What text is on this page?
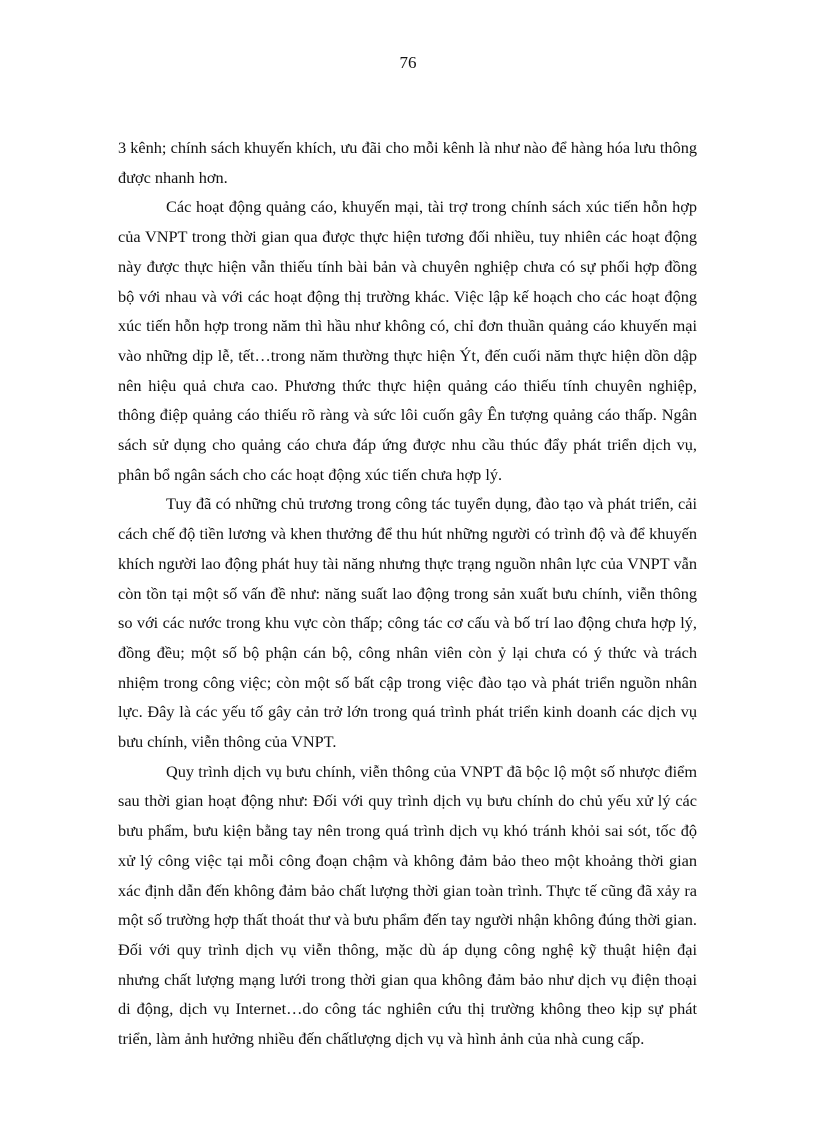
76

3 kênh; chính sách khuyến khích, ưu đãi cho mỗi kênh là như nào để hàng hóa lưu thông được nhanh hơn.

Các hoạt động quảng cáo, khuyến mại, tài trợ trong chính sách xúc tiến hỗn hợp của VNPT trong thời gian qua được thực hiện tương đối nhiều, tuy nhiên các hoạt động này được thực hiện vẫn thiếu tính bài bản và chuyên nghiệp chưa có sự phối hợp đồng bộ với nhau và với các hoạt động thị trường khác. Việc lập kế hoạch cho các hoạt động xúc tiến hỗn hợp trong năm thì hầu như không có, chỉ đơn thuần quảng cáo khuyến mại vào những dịp lễ, tết…trong năm thường thực hiện Ýt, đến cuối năm thực hiện dồn dập nên hiệu quả chưa cao. Phương thức thực hiện quảng cáo thiếu tính chuyên nghiệp, thông điệp quảng cáo thiếu rõ ràng và sức lôi cuốn gây Ên tượng quảng cáo thấp. Ngân sách sử dụng cho quảng cáo chưa đáp ứng được nhu cầu thúc đẩy phát triển dịch vụ, phân bổ ngân sách cho các hoạt động xúc tiến chưa hợp lý.

Tuy đã có những chủ trương trong công tác tuyển dụng, đào tạo và phát triển, cải cách chế độ tiền lương và khen thưởng để thu hút những người có trình độ và để khuyến khích người lao động phát huy tài năng nhưng thực trạng nguồn nhân lực của VNPT vẫn còn tồn tại một số vấn đề như: năng suất lao động trong sản xuất bưu chính, viễn thông so với các nước trong khu vực còn thấp; công tác cơ cấu và bố trí lao động chưa hợp lý, đồng đều; một số bộ phận cán bộ, công nhân viên còn ỷ lại chưa có ý thức và trách nhiệm trong công việc; còn một số bất cập trong việc đào tạo và phát triển nguồn nhân lực. Đây là các yếu tố gây cản trở lớn trong quá trình phát triển kinh doanh các dịch vụ bưu chính, viễn thông của VNPT.

Quy trình dịch vụ bưu chính, viễn thông của VNPT đã bộc lộ một số nhược điểm sau thời gian hoạt động như: Đối với quy trình dịch vụ bưu chính do chủ yếu xử lý các bưu phẩm, bưu kiện bằng tay nên trong quá trình dịch vụ khó tránh khỏi sai sót, tốc độ xử lý công việc tại mỗi công đoạn chậm và không đảm bảo theo một khoảng thời gian xác định dẫn đến không đảm bảo chất lượng thời gian toàn trình. Thực tế cũng đã xảy ra một số trường hợp thất thoát thư và bưu phẩm đến tay người nhận không đúng thời gian. Đối với quy trình dịch vụ viễn thông, mặc dù áp dụng công nghệ kỹ thuật hiện đại nhưng chất lượng mạng lưới trong thời gian qua không đảm bảo như dịch vụ điện thoại di động, dịch vụ Internet…do công tác nghiên cứu thị trường không theo kịp sự phát triển, làm ảnh hưởng nhiều đến chấtlượng dịch vụ và hình ảnh của nhà cung cấp.
